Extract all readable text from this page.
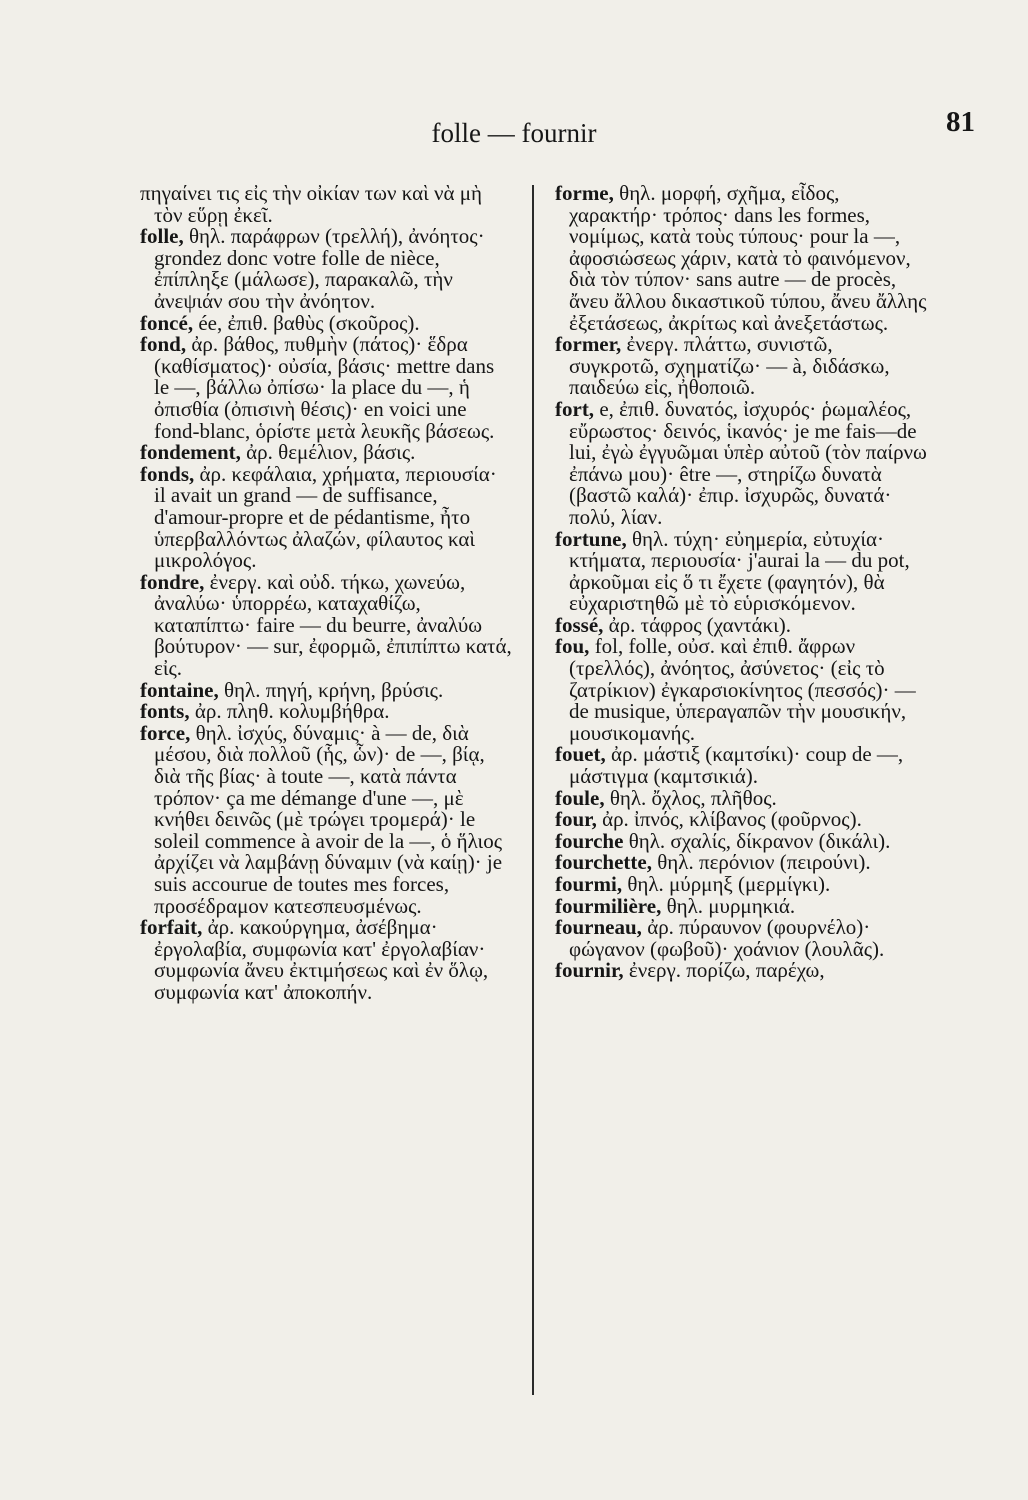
folle — fournir	81

πηγαίνει τις εἰς τὴν οἰκίαν των καὶ νὰ μὴ τὸν εὕρῃ ἐκεῖ.

folle, θηλ. παράφρων (τρελλή), ἀνόητος· grondez donc votre folle de nièce, ἐπίπληξε (μάλωσε), παρακαλῶ, τὴν ἀνεψιάν σου τὴν ἀνόητον.

foncé, ée, ἐπιθ. βαθὺς (σκοῦρος).

fond, ἀρ. βάθος, πυθμὴν (πάτος)· ἕδρα (καθίσματος)· οὐσία, βάσις· mettre dans le —, βάλλω ὀπίσω· la place du —, ἡ ὀπισθία (ὀπισινὴ θέσις)· en voici une fond-blanc, ὁρίστε μετὰ λευκῆς βάσεως.

fondement, ἀρ. θεμέλιον, βάσις.

fonds, ἀρ. κεφάλαια, χρήματα, περιουσία· il avait un grand — de suffisance, d'amour-propre et de pédantisme, ἦτο ὑπερβαλλόντως ἀλαζών, φίλαυτος καὶ μικρολόγος.

fondre, ἐνεργ. καὶ οὐδ. τήκω, χωνεύω, ἀναλύω· ὑπορρέω, καταχαθίζω, καταπίπτω· faire — du beurre, ἀναλύω βούτυρον· — sur, ἐφορμῶ, ἐπιπίπτω κατά, εἰς.

fontaine, θηλ. πηγή, κρήνη, βρύσις.

fonts, ἀρ. πληθ. κολυμβήθρα.

force, θηλ. ἰσχύς, δύναμις· à — de, διὰ μέσου, διὰ πολλοῦ (ἧς, ὧν)· de —, βίᾳ, διὰ τῆς βίας· à toute —, κατὰ πάντα τρόπον· ça me démange d'une —, μὲ κνήθει δεινῶς (μὲ τρώγει τρομερά)· le soleil commence à avoir de la —, ὁ ἥλιος ἀρχίζει νὰ λαμβάνῃ δύναμιν (νὰ καίῃ)· je suis accourue de toutes mes forces, προσέδραμον κατεσπευσμένως.

forfait, ἀρ. κακούργημα, ἀσέβημα· ἐργολαβία, συμφωνία κατ' ἐργολαβίαν· συμφωνία ἄνευ ἐκτιμήσεως καὶ ἐν ὅλῳ, συμφωνία κατ' ἀποκοπήν.

forme, θηλ. μορφή, σχῆμα, εἶδος, χαρακτήρ· τρόπος· dans les formes, νομίμως, κατὰ τοὺς τύπους· pour la —, ἀφοσιώσεως χάριν, κατὰ τὸ φαινόμενον, διὰ τὸν τύπον· sans autre — de procès, ἄνευ ἄλλου δικαστικοῦ τύπου, ἄνευ ἄλλης ἐξετάσεως, ἀκρίτως καὶ ἀνεξετάστως.

former, ἐνεργ. πλάττω, συνιστῶ, συγκροτῶ, σχηματίζω· — à, διδάσκω, παιδεύω εἰς, ἠθοποιῶ.

fort, e, ἐπιθ. δυνατός, ἰσχυρός· ῥωμαλέος, εὔρωστος· δεινός, ἱκανός· je me fais—de lui, ἐγὼ ἐγγυῶμαι ὑπὲρ αὐτοῦ (τὸν παίρνω ἐπάνω μου)· être —, στηρίζω δυνατὰ (βαστῶ καλά)· ἐπιρ. ἰσχυρῶς, δυνατά· πολύ, λίαν.

fortune, θηλ. τύχη· εὐημερία, εὐτυχία· κτήματα, περιουσία· j'aurai la — du pot, ἀρκοῦμαι εἰς ὅ τι ἔχετε (φαγητόν), θὰ εὐχαριστηθῶ μὲ τὸ εὑρισκόμενον.

fossé, ἀρ. τάφρος (χαντάκι).

fou, fol, folle, οὐσ. καὶ ἐπιθ. ἄφρων (τρελλός), ἀνόητος, ἀσύνετος· (εἰς τὸ ζατρίκιον) ἐγκαρσιοκίνητος (πεσσός)· — de musique, ὑπεραγαπῶν τὴν μουσικήν, μουσικομανής.

fouet, ἀρ. μάστιξ (καμτσίκι)· coup de —, μάστιγμα (καμτσικιά).

foule, θηλ. ὄχλος, πλῆθος.

four, ἀρ. ἰπνός, κλίβανος (φοῦρνος).

fourche θηλ. σχαλίς, δίκρανον (δικάλι).

fourchette, θηλ. περόνιον (πειρούνι).

fourmi, θηλ. μύρμηξ (μερμίγκι).

fourmilière, θηλ. μυρμηκιά.

fourneau, ἀρ. πύραυνον (φουρνέλο)· φώγανον (φωβοῦ)· χοάνιον (λουλᾶς).

fournir, ἐνεργ. πορίζω, παρέχω,
